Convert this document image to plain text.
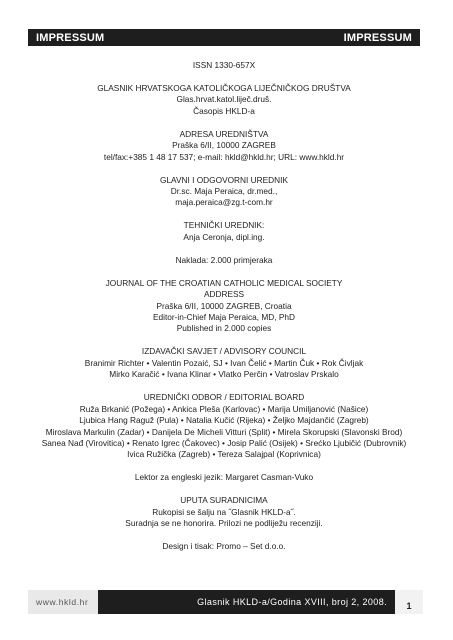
IMPRESSUM	IMPRESSUM
ISSN 1330-657X
GLASNIK HRVATSKOGA KATOLIČKOGA LIJEČNIČKOG DRUŠTVA
Glas.hrvat.katol.liječ.druš.
Časopis HKLD-a
ADRESA UREDNIŠTVA
Praška 6/II, 10000 ZAGREB
tel/fax:+385 1 48 17 537; e-mail: hkld@hkld.hr; URL: www.hkld.hr
GLAVNI I ODGOVORNI UREDNIK
Dr.sc. Maja Peraica, dr.med.,
maja.peraica@zg.t-com.hr
TEHNIČKI UREDNIK:
Anja Ceronja, dipl.ing.
Naklada: 2.000 primjeraka
JOURNAL OF THE CROATIAN CATHOLIC MEDICAL SOCIETY
ADDRESS
Praška 6/II, 10000 ZAGREB, Croatia
Editor-in-Chief Maja Peraica, MD, PhD
Published in 2.000 copies
IZDAVAČKI SAVJET / ADVISORY COUNCIL
Branimir Richter • Valentin Pozaić, SJ • Ivan Čelić • Martin Čuk • Rok Čivljak
Mirko Karačić • Ivana Klinar • Vlatko Perčin • Vatroslav Prskalo
UREDNIČKI ODBOR / EDITORIAL BOARD
Ruža Brkanić (Požega) • Ankica Pleša (Karlovac) • Marija Umiljanović (Našice)
Ljubica Hang Raguž (Pula) • Natalia Kučić (Rijeka) • Željko Majdančić (Zagreb)
Miroslava Markulin (Zadar) • Danijela De Micheli Vitturi (Split) • Mirela Skorupski (Slavonski Brod)
Sanea Nađ (Virovitica) • Renato Igrec (Čakovec) • Josip Palić (Osijek) • Srećko Ljubičić (Dubrovnik)
Ivica Ružička (Zagreb) • Tereza Salajpal (Koprivnica)
Lektor za engleski jezik: Margaret Casman-Vuko
UPUTA SURADNICIMA
Rukopisi se šalju na ˝Glasnik HKLD-a˝.
Suradnja se ne honorira. Prilozi ne podliježu recenziji.
Design i tisak: Promo – Set d.o.o.
www.hkld.hr	Glasnik HKLD-a/Godina XVIII, broj 2, 2008.	1
